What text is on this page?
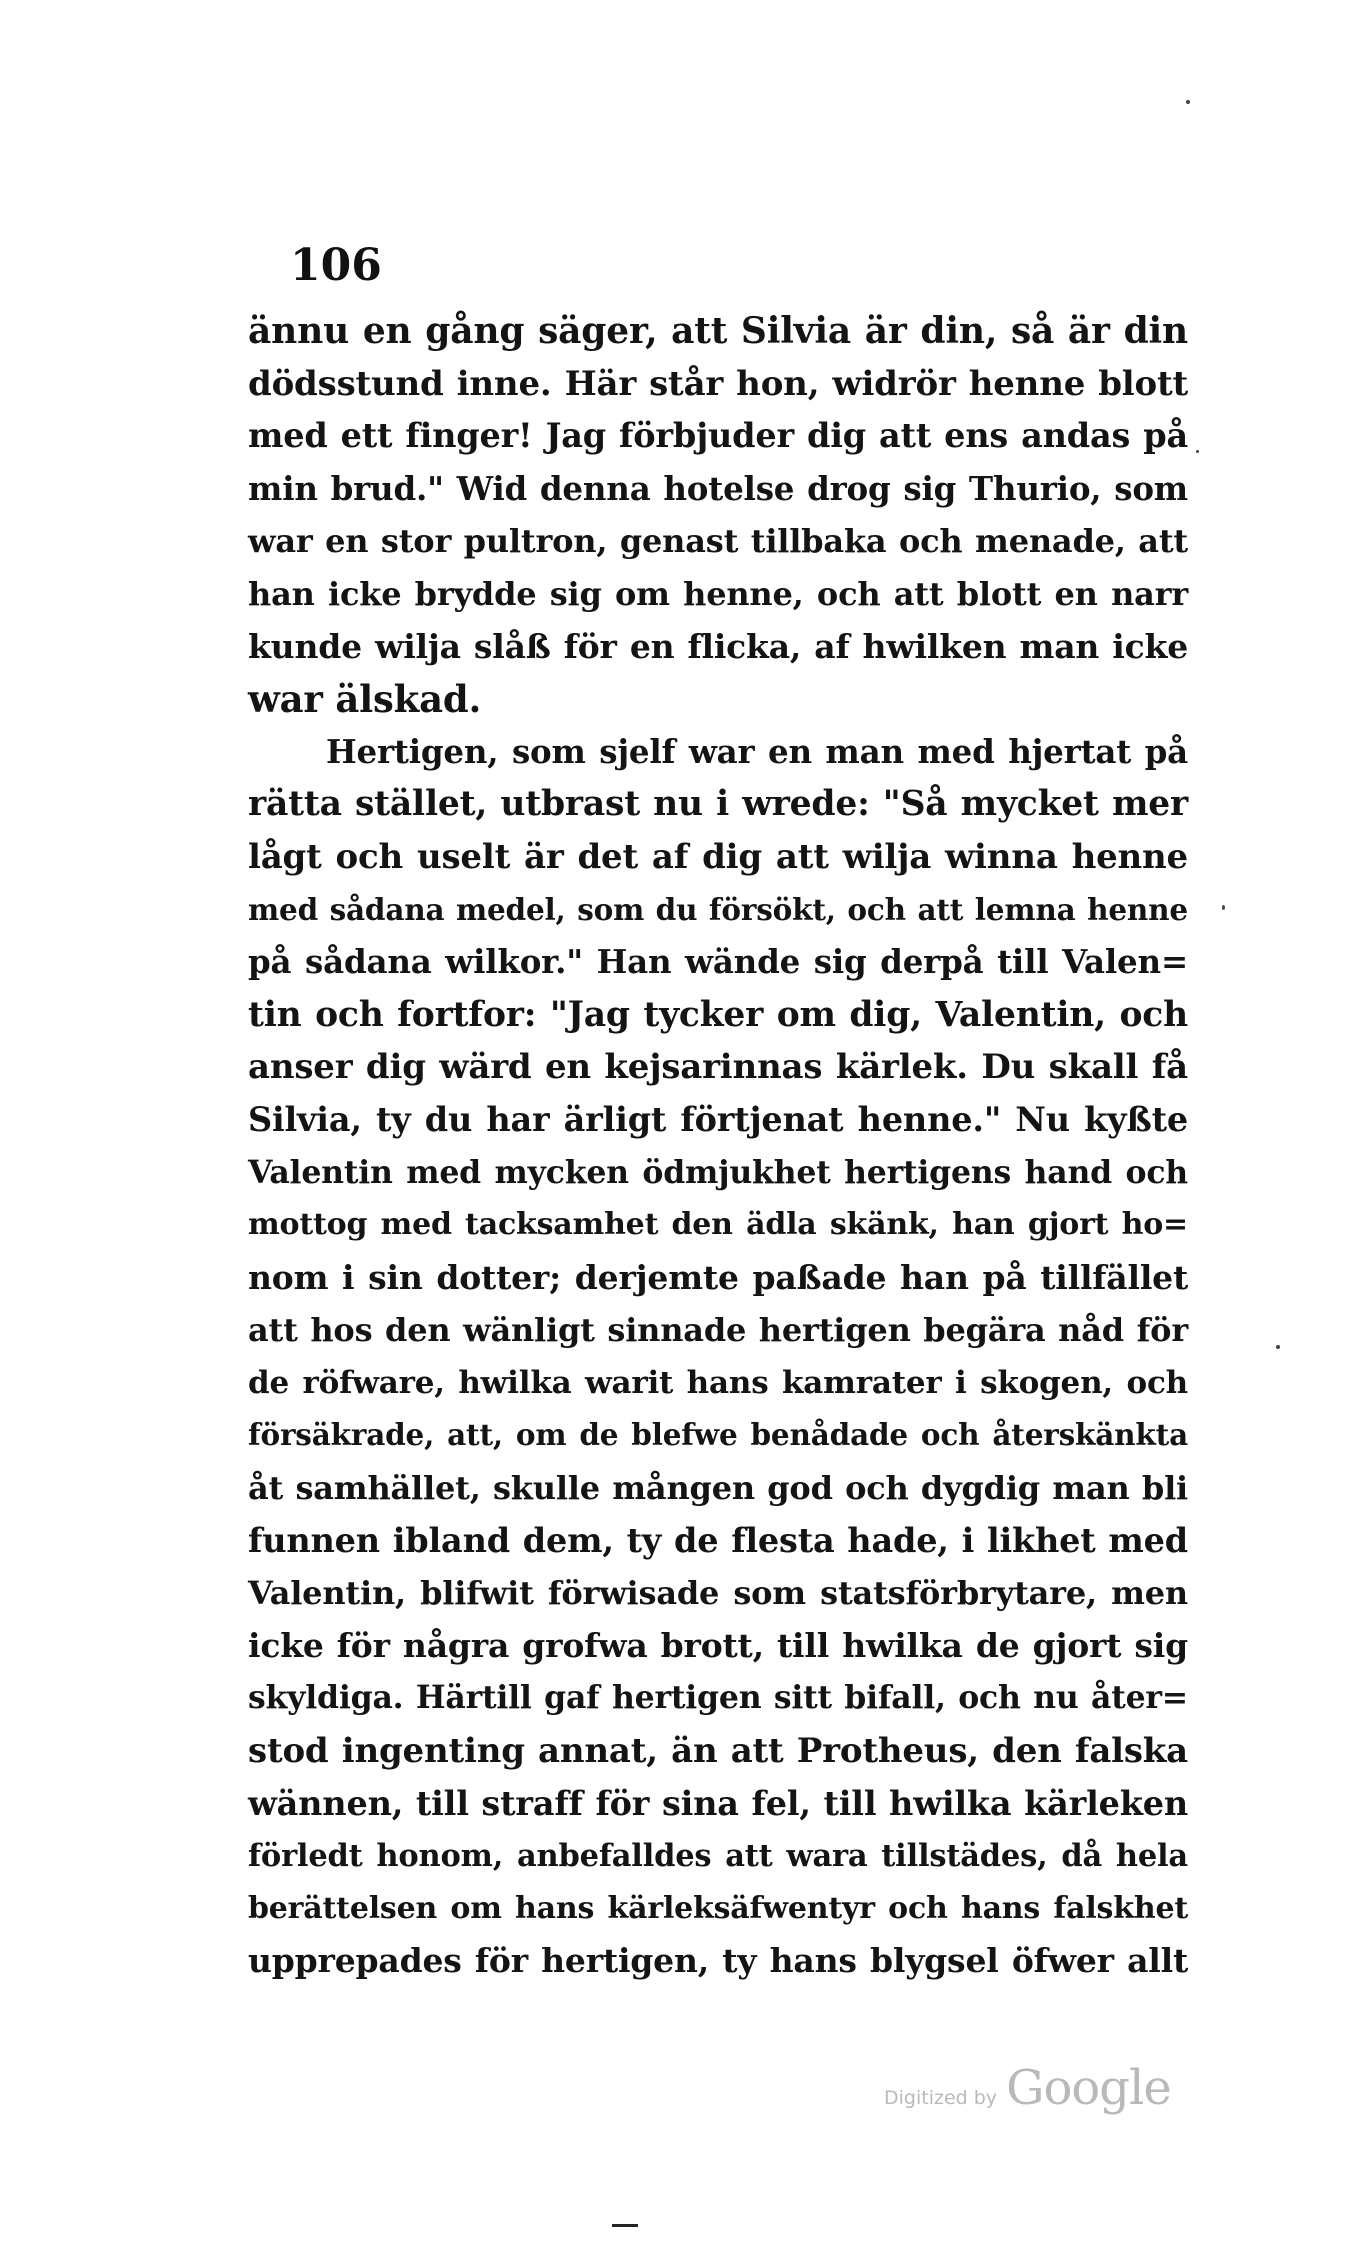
106
ännu en gång säger, att Silvia är din, så är din
dödsstund inne. Här står hon, widrör henne blott
med ett finger! Jag förbjuder dig att ens andas på
min brud." Wid denna hotelse drog sig Thurio, som
war en stor pultron, genast tillbaka och menade, att
han icke brydde sig om henne, och att blott en narr
kunde wilja slåß för en flicka, af hwilken man icke
war älskad.
Hertigen, som sjelf war en man med hjertat på
rätta stället, utbrast nu i wrede: "Så mycket mer
lågt och uselt är det af dig att wilja winna henne
med sådana medel, som du försökt, och att lemna henne
på sådana wilkor." Han wände sig derpå till Valen=
tin och fortfor: "Jag tycker om dig, Valentin, och
anser dig wärd en kejsarinnas kärlek. Du skall få
Silvia, ty du har ärligt förtjenat henne." Nu kyßte
Valentin med mycken ödmjukhet hertigens hand och
mottog med tacksamhet den ädla skänk, han gjort ho=
nom i sin dotter; derjemte paßade han på tillfället
att hos den wänligt sinnade hertigen begära nåd för
de röfware, hwilka warit hans kamrater i skogen, och
försäkrade, att, om de blefwe benådade och återskänkta
åt samhället, skulle mången god och dygdig man bli
funnen ibland dem, ty de flesta hade, i likhet med
Valentin, blifwit förwisade som statsförbrytare, men
icke för några grofwa brott, till hwilka de gjort sig
skyldiga. Härtill gaf hertigen sitt bifall, och nu åter=
stod ingenting annat, än att Protheus, den falska
wännen, till straff för sina fel, till hwilka kärleken
förledt honom, anbefalldes att wara tillstädes, då hela
berättelsen om hans kärleksäfwentyr och hans falskhet
upprepades för hertigen, ty hans blygsel öfwer allt
Digitized by Google
